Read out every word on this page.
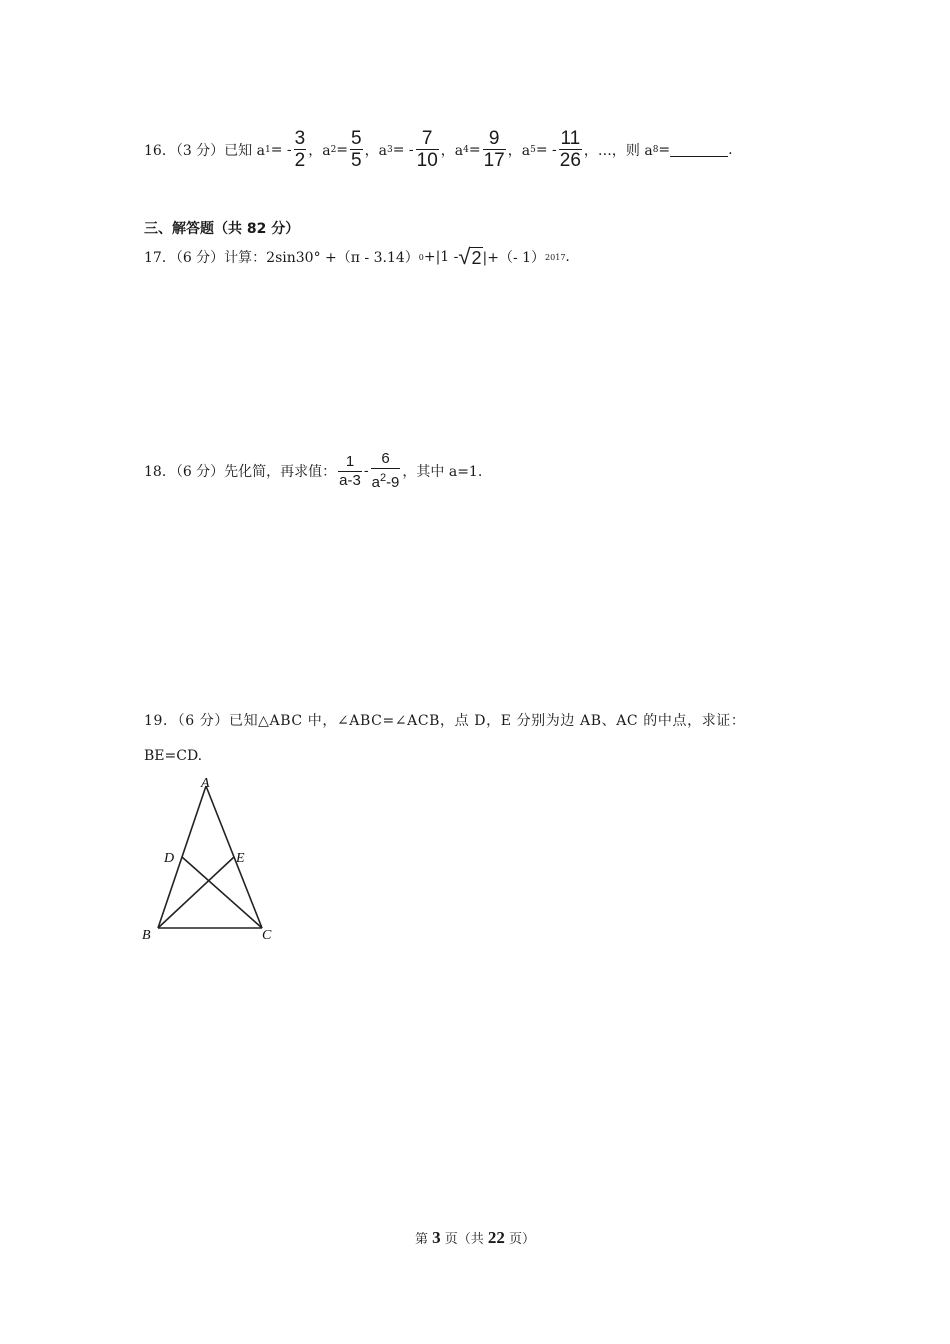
16．（3 分）已知 a 1 = - $\frac{3}{2}$ ，a $2 = \frac{5}{5}$ ，a 3 = - $\frac{7}{10}$ ，a $4 = \frac{9}{17}$ ，a 5 = - $\frac{11}{26}$ ，…，则 a 8 =	.
三、解答题（共 82 分）
17．（6 分）计算：2sin30° +（π - 3.14） 0 +|1 - √ 2 |+（- 1） 2017 .
18．（6 分）先化简，再求值： $\frac{1}{a-3} - \frac{6}{a^2-9}$ ，其中 a=1.
19．（6 分）已知△ABC 中，∠ABC=∠ACB，点 D，E 分别为边 AB、AC 的中点，求证：
BE=CD.
A
D	E
B	C
第 3 页（共 22 页）
